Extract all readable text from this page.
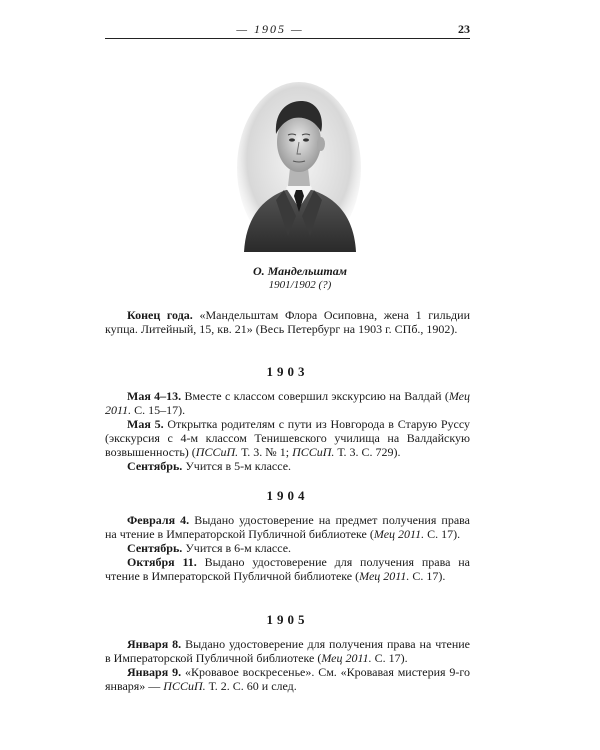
— 1905 —	23
О. Мандельштам
1901/1902 (?)

Конец года. «Мандельштам Флора Осиповна, жена 1 гильдии купца. Литейный, 15, кв. 21» (Весь Петербург на 1903 г. СПб., 1902).

1903

Мая 4–13. Вместе с классом совершил экскурсию на Валдай (Мец 2011. С. 15–17).

Мая 5. Открытка родителям с пути из Новгорода в Старую Руссу (экскурсия с 4-м классом Тенишевского училища на Валдайскую возвышенность) (ПССиП. Т. 3. № 1; ПССиП. Т. 3. С. 729).

Сентябрь. Учится в 5-м классе.

1904

Февраля 4. Выдано удостоверение на предмет получения права на чтение в Императорской Публичной библиотеке (Мец 2011. С. 17).

Сентябрь. Учится в 6-м классе.

Октября 11. Выдано удостоверение для получения права на чтение в Императорской Публичной библиотеке (Мец 2011. С. 17).

1905

Января 8. Выдано удостоверение для получения права на чтение в Императорской Публичной библиотеке (Мец 2011. С. 17).

Января 9. «Кровавое воскресенье». См. «Кровавая мистерия 9-го января» — ПССиП. Т. 2. С. 60 и след.
